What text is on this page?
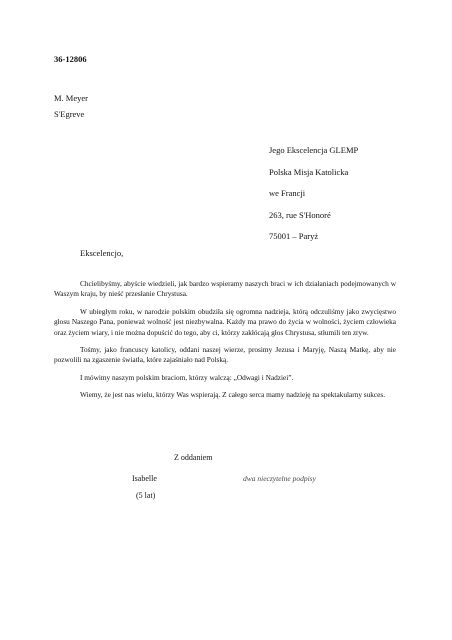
36-12806
M. Meyer
S'Egreve
Jego Ekscelencja GLEMP
Polska Misja Katolicka
we Francji
263, rue S'Honoré
75001 – Paryż
Ekscelencjo,

Chcielibyśmy, abyście wiedzieli, jak bardzo wspieramy naszych braci w ich działaniach podejmowanych w Waszym kraju, by nieść przesłanie Chrystusa.

W ubiegłym roku, w narodzie polskim obudziła się ogromna nadzieja, którą odczuliśmy jako zwycięstwo głosu Naszego Pana, ponieważ wolność jest niezbywalna. Każdy ma prawo do życia w wolności, życiem człowieka oraz życiem wiary, i nie można dopuścić do tego, aby ci, którzy zakłócają głos Chrystusa, stłumili ten zryw.

Tośmy, jako francuscy katolicy, oddani naszej wierze, prosimy Jezusa i Maryję, Naszą Matkę, aby nie pozwolili na zgaszenie światła, które zajaśniało nad Polską.

I mówimy naszym polskim braciom, którzy walczą: „Odwagi i Nadziei”.

Wiemy, że jest nas wielu, którzy Was wspierają. Z całego serca mamy nadzieję na spektakularny sukces.

Z oddaniem
Isabelle
(5 lat)
dwa nieczytelne podpisy
